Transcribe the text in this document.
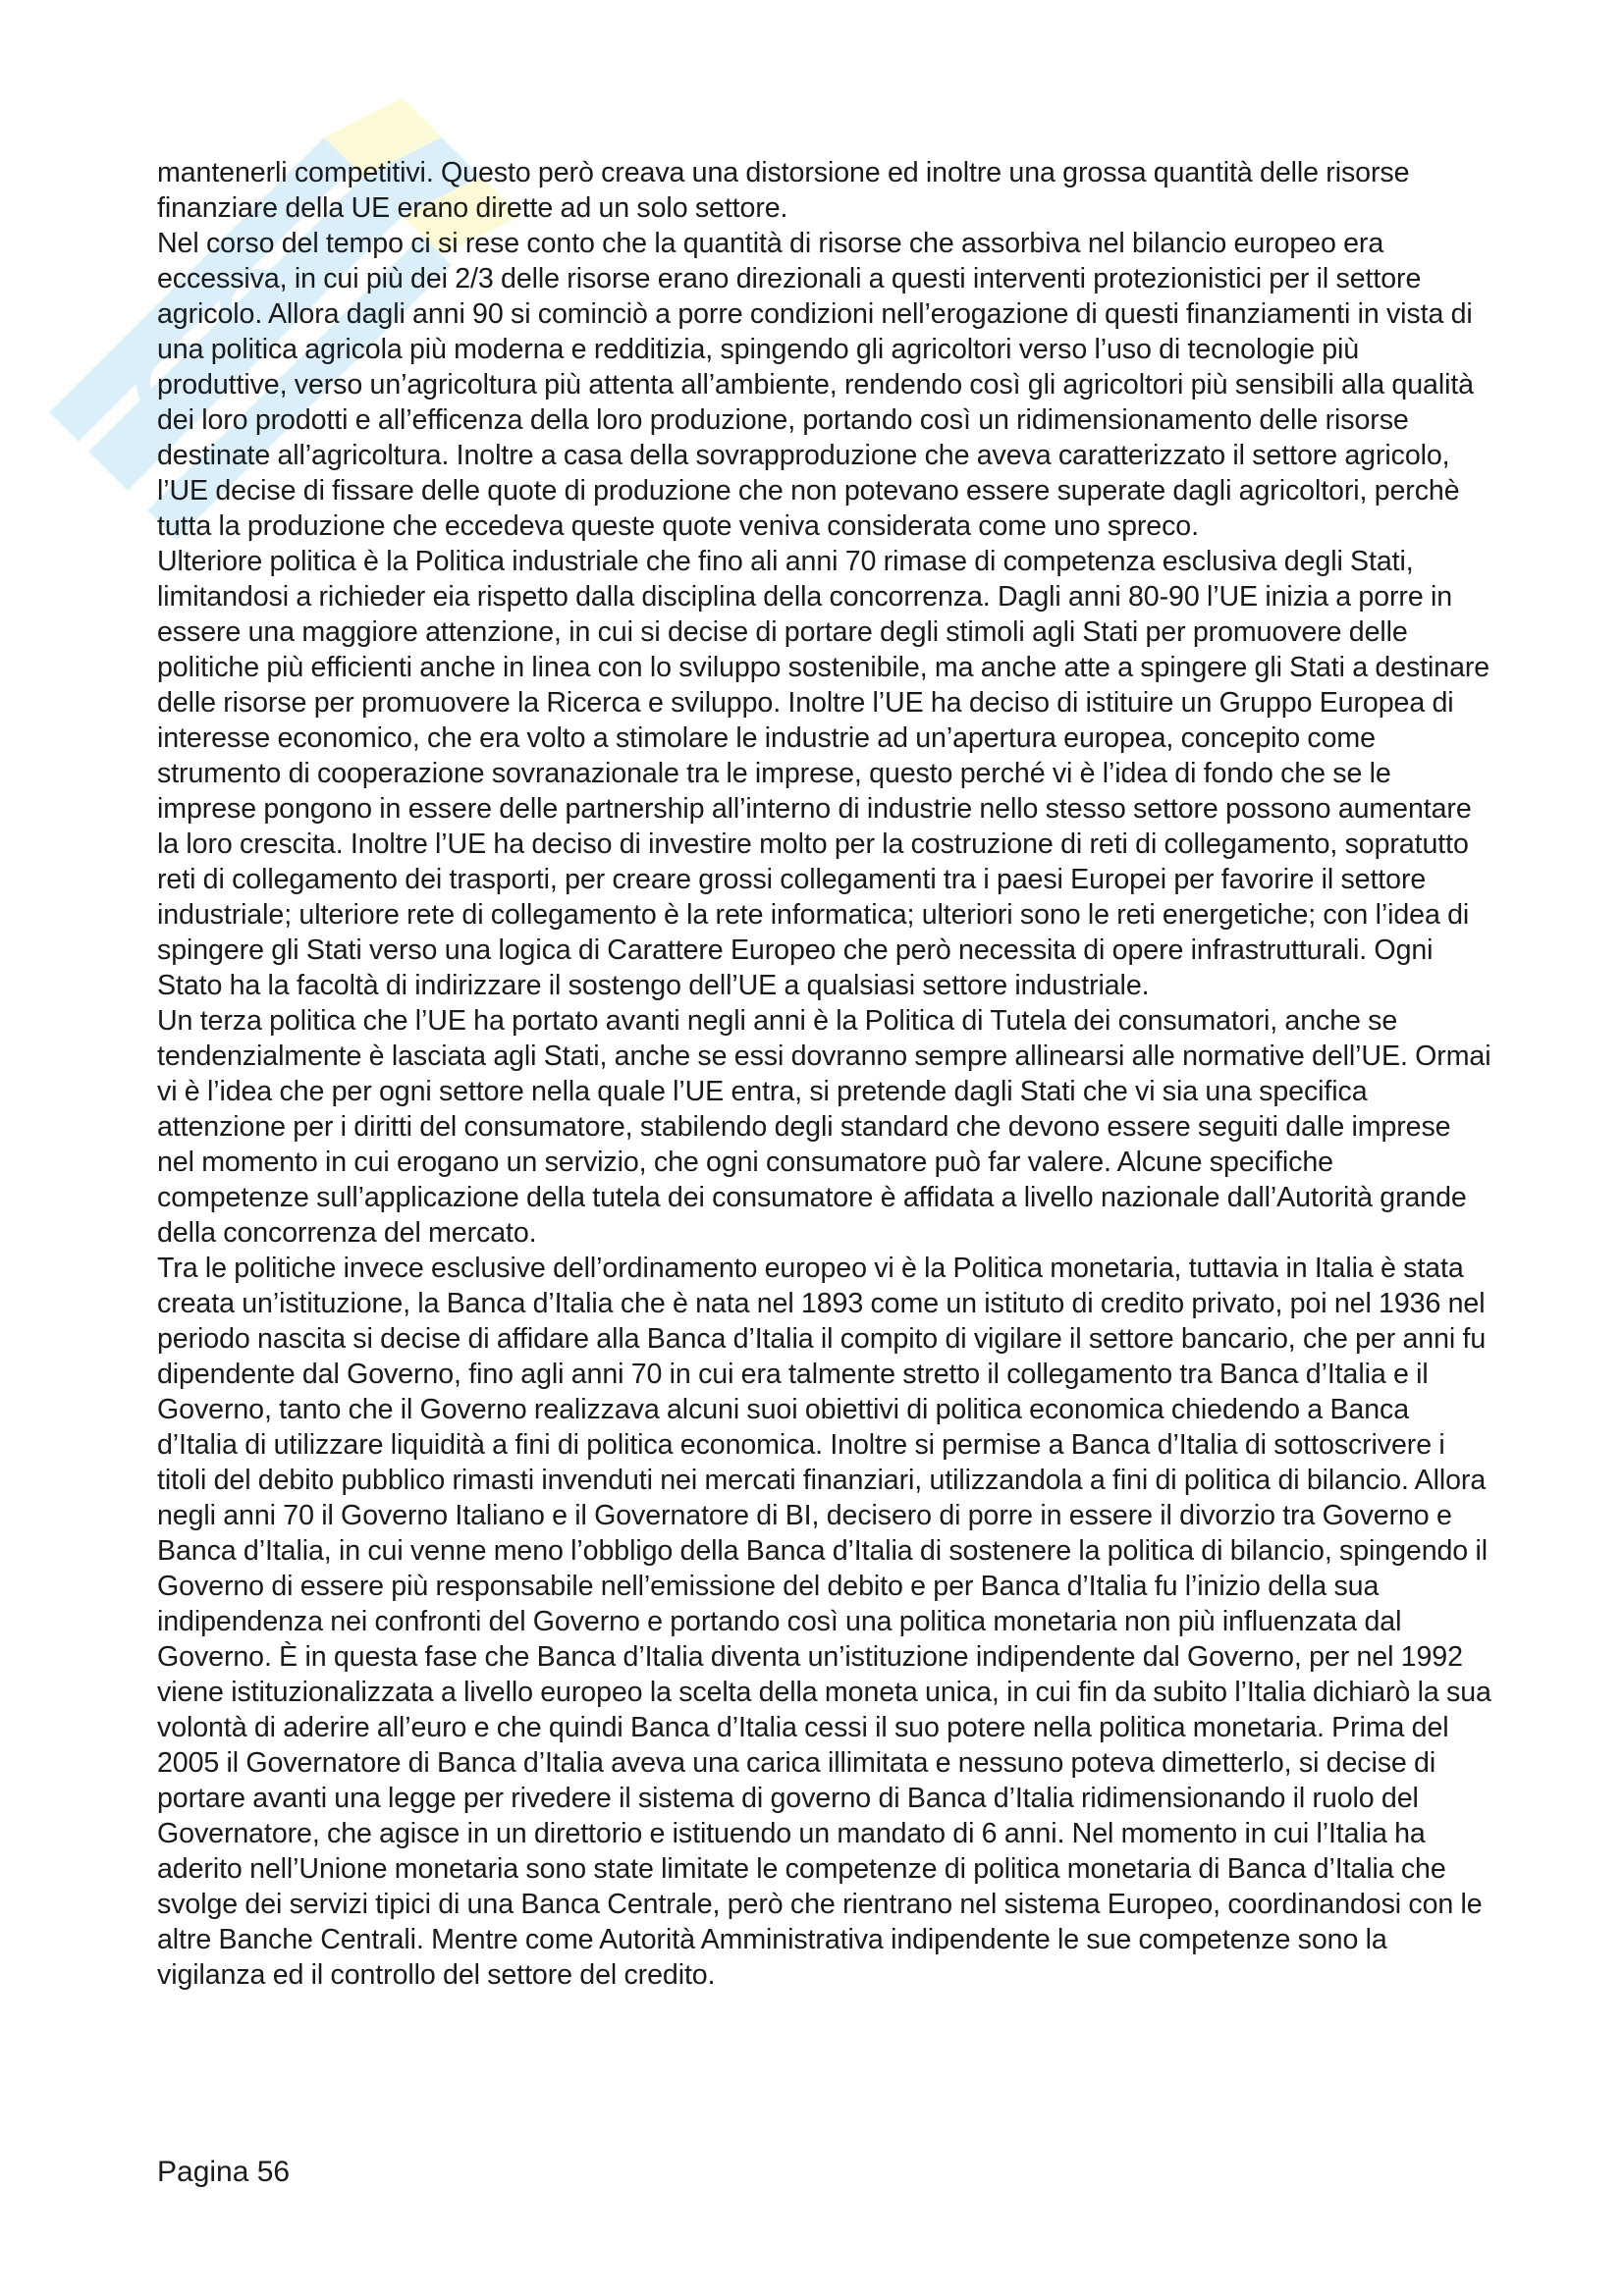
mantenerli competitivi. Questo però creava una distorsione ed inoltre una grossa quantità delle risorse finanziare della UE erano dirette ad un solo settore.

Nel corso del tempo ci si rese conto che la quantità di risorse che assorbiva nel bilancio europeo era eccessiva, in cui più dei 2/3 delle risorse erano direzionali a questi interventi protezionistici per il settore agricolo. Allora dagli anni 90 si cominciò a porre condizioni nell’erogazione di questi finanziamenti in vista di una politica agricola più moderna e redditizia, spingendo gli agricoltori verso l’uso di tecnologie più produttive, verso un’agricoltura più attenta all’ambiente, rendendo così gli agricoltori più sensibili alla qualità dei loro prodotti e all’efficenza della loro produzione, portando così un ridimensionamento delle risorse destinate all’agricoltura. Inoltre a casa della sovrapproduzione che aveva caratterizzato il settore agricolo, l’UE decise di fissare delle quote di produzione che non potevano essere superate dagli agricoltori, perchè tutta la produzione che eccedeva queste quote veniva considerata come uno spreco.

Ulteriore politica è la Politica industriale che fino ali anni 70 rimase di competenza esclusiva degli Stati, limitandosi a richieder eia rispetto dalla disciplina della concorrenza. Dagli anni 80-90 l’UE inizia a porre in essere una maggiore attenzione, in cui si decise di portare degli stimoli agli Stati per promuovere delle politiche più efficienti anche in linea con lo sviluppo sostenibile, ma anche atte a spingere gli Stati a destinare delle risorse per promuovere la Ricerca e sviluppo. Inoltre l’UE ha deciso di istituire un Gruppo Europea di interesse economico, che era volto a stimolare le industrie ad un’apertura europea, concepito come strumento di cooperazione sovranazionale tra le imprese, questo perché vi è l’idea di fondo che se le imprese pongono in essere delle partnership all’interno di industrie nello stesso settore possono aumentare la loro crescita. Inoltre l’UE ha deciso di investire molto per la costruzione di reti di collegamento, sopratutto reti di collegamento dei trasporti, per creare grossi collegamenti tra i paesi Europei per favorire il settore industriale; ulteriore rete di collegamento è la rete informatica; ulteriori sono le reti energetiche; con l’idea di spingere gli Stati verso una logica di Carattere Europeo che però necessita di opere infrastrutturali. Ogni Stato ha la facoltà di indirizzare il sostengo dell’UE a qualsiasi settore industriale.

Un terza politica che l’UE ha portato avanti negli anni è la Politica di Tutela dei consumatori, anche se tendenzialmente è lasciata agli Stati, anche se essi dovranno sempre allinearsi alle normative dell’UE. Ormai vi è l’idea che per ogni settore nella quale l’UE entra, si pretende dagli Stati che vi sia una specifica attenzione per i diritti del consumatore, stabilendo degli standard che devono essere seguiti dalle imprese nel momento in cui erogano un servizio, che ogni consumatore può far valere. Alcune specifiche competenze sull’applicazione della tutela dei consumatore è affidata a livello nazionale dall’Autorità grande della concorrenza del mercato.

Tra le politiche invece esclusive dell’ordinamento europeo vi è la Politica monetaria, tuttavia in Italia è stata creata un’istituzione, la Banca d’Italia che è nata nel 1893 come un istituto di credito privato, poi nel 1936 nel periodo nascita si decise di affidare alla Banca d’Italia il compito di vigilare il settore bancario, che per anni fu dipendente dal Governo, fino agli anni 70 in cui era talmente stretto il collegamento tra Banca d’Italia e il Governo, tanto che il Governo realizzava alcuni suoi obiettivi di politica economica chiedendo a Banca d’Italia di utilizzare liquidità a fini di politica economica. Inoltre si permise a Banca d’Italia di sottoscrivere i titoli del debito pubblico rimasti invenduti nei mercati finanziari, utilizzandola a fini di politica di bilancio. Allora negli anni 70 il Governo Italiano e il Governatore di BI, decisero di porre in essere il divorzio tra Governo e Banca d’Italia, in cui venne meno l’obbligo della Banca d’Italia di sostenere la politica di bilancio, spingendo il Governo di essere più responsabile nell’emissione del debito e per Banca d’Italia fu l’inizio della sua indipendenza nei confronti del Governo e portando così una politica monetaria non più influenzata dal Governo. È in questa fase che Banca d’Italia diventa un’istituzione indipendente dal Governo, per nel 1992 viene istituzionalizzata a livello europeo la scelta della moneta unica, in cui fin da subito l’Italia dichiarò la sua volontà di aderire all’euro e che quindi Banca d’Italia cessi il suo potere nella politica monetaria. Prima del 2005 il Governatore di Banca d’Italia aveva una carica illimitata e nessuno poteva dimetterlo, si decise di portare avanti una legge per rivedere il sistema di governo di Banca d’Italia ridimensionando il ruolo del Governatore, che agisce in un direttorio e istituendo un mandato di 6 anni. Nel momento in cui l’Italia ha aderito nell’Unione monetaria sono state limitate le competenze di politica monetaria di Banca d’Italia che svolge dei servizi tipici di una Banca Centrale, però che rientrano nel sistema Europeo, coordinandosi con le altre Banche Centrali. Mentre come Autorità Amministrativa indipendente le sue competenze sono la vigilanza ed il controllo del settore del credito.

Pagina 56
